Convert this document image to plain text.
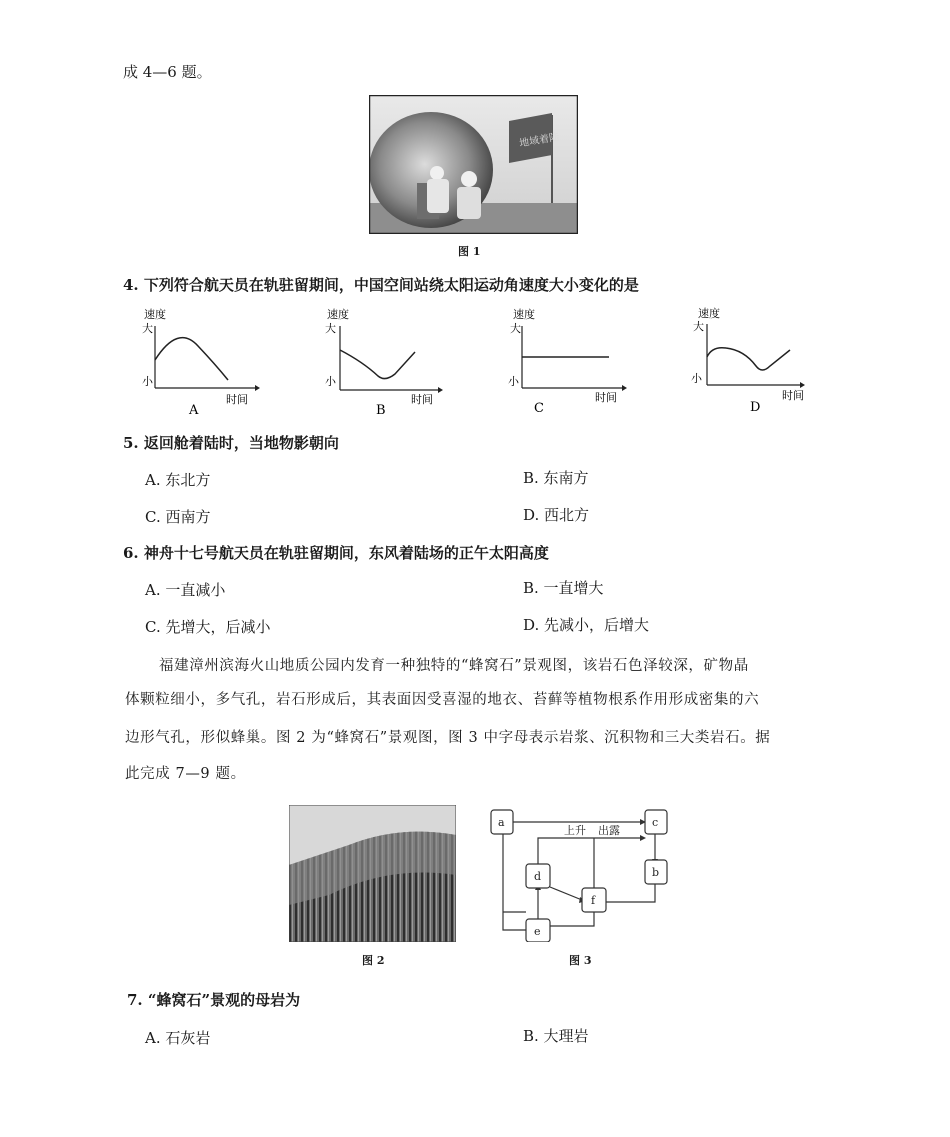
成 4—6 题。
地域着陆
图 1
4. 下列符合航天员在轨驻留期间，中国空间站绕太阳运动角速度大小变化的是
速度
大
小
时间
A
速度
大
小
时间
B
速度
大
小
时间
C
速度
大
小
时间
D
5. 返回舱着陆时，当地物影朝向
A. 东北方	B. 东南方
C. 西南方	D. 西北方
6. 神舟十七号航天员在轨驻留期间，东风着陆场的正午太阳高度
A. 一直减小	B. 一直增大
C. 先增大，后减小	D. 先减小，后增大
福建漳州滨海火山地质公园内发育一种独特的“蜂窝石”景观图，该岩石色泽较深，矿物晶
体颗粒细小，多气孔，岩石形成后，其表面因受喜湿的地衣、苔藓等植物根系作用形成密集的六
边形气孔，形似蜂巢。图 2 为“蜂窝石”景观图，图 3 中字母表示岩浆、沉积物和三大类岩石。据
此完成 7—9 题。
图 2
a
b
c
d
e
f
上升 出露
图 3
7. “蜂窝石”景观的母岩为
A. 石灰岩	B. 大理岩
